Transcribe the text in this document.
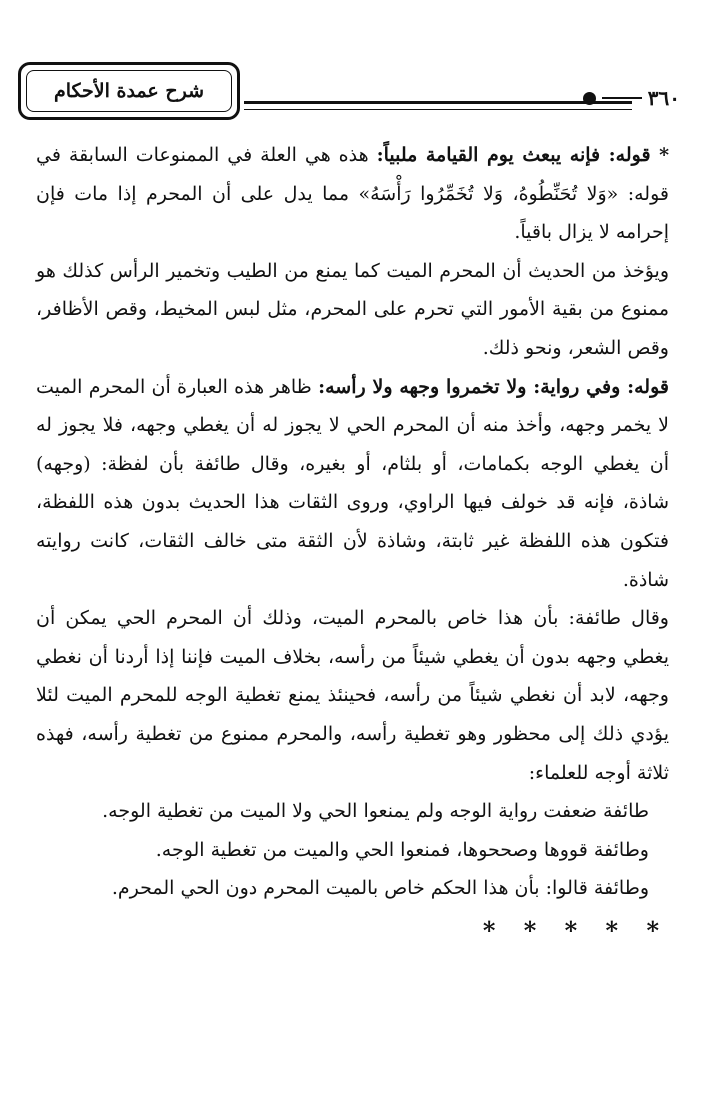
شرح عمدة الأحكام	٣٦٠

* قوله: فإنه يبعث يوم القيامة ملبياً: هذه هي العلة في الممنوعات السابقة في قوله: «وَلا تُحَنِّطُوهُ، وَلا تُخَمِّرُوا رَأْسَهُ» مما يدل على أن المحرم إذا مات فإن إحرامه لا يزال باقياً.

ويؤخذ من الحديث أن المحرم الميت كما يمنع من الطيب وتخمير الرأس كذلك هو ممنوع من بقية الأمور التي تحرم على المحرم، مثل لبس المخيط، وقص الأظافر، وقص الشعر، ونحو ذلك.

قوله: وفي رواية: ولا تخمروا وجهه ولا رأسه: ظاهر هذه العبارة أن المحرم الميت لا يخمر وجهه، وأخذ منه أن المحرم الحي لا يجوز له أن يغطي وجهه، فلا يجوز له أن يغطي الوجه بكمامات، أو بلثام، أو بغيره، وقال طائفة بأن لفظة: (وجهه) شاذة، فإنه قد خولف فيها الراوي، وروى الثقات هذا الحديث بدون هذه اللفظة، فتكون هذه اللفظة غير ثابتة، وشاذة لأن الثقة متى خالف الثقات، كانت روايته شاذة.

وقال طائفة: بأن هذا خاص بالمحرم الميت، وذلك أن المحرم الحي يمكن أن يغطي وجهه بدون أن يغطي شيئاً من رأسه، بخلاف الميت فإننا إذا أردنا أن نغطي وجهه، لابد أن نغطي شيئاً من رأسه، فحينئذ يمنع تغطية الوجه للمحرم الميت لئلا يؤدي ذلك إلى محظور وهو تغطية رأسه، والمحرم ممنوع من تغطية رأسه، فهذه ثلاثة أوجه للعلماء:

طائفة ضعفت رواية الوجه ولم يمنعوا الحي ولا الميت من تغطية الوجه.

وطائفة قووها وصححوها، فمنعوا الحي والميت من تغطية الوجه.

وطائفة قالوا: بأن هذا الحكم خاص بالميت المحرم دون الحي المحرم.

* * * * *
